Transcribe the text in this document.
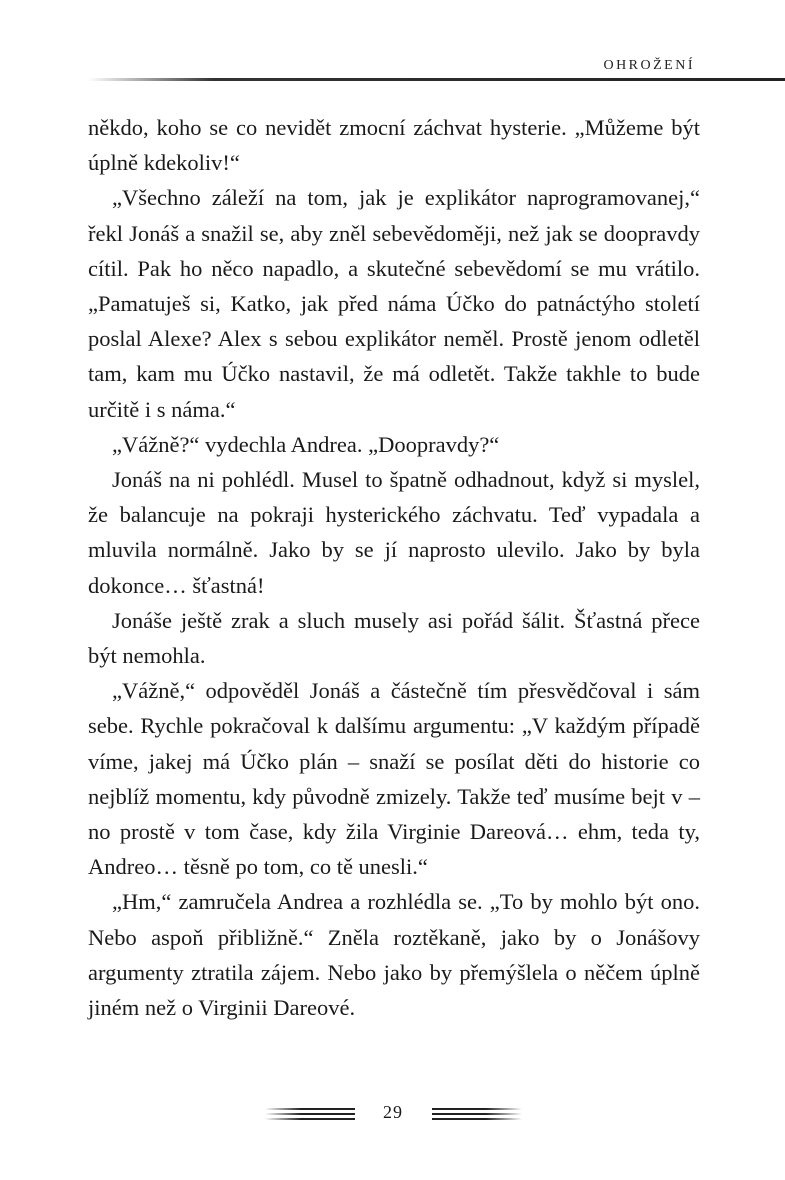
OHROŽENÍ

někdo, koho se co nevidět zmocní záchvat hysterie. „Můžeme být úplně kdekoliv!“

„Všechno záleží na tom, jak je explikátor naprogramovanej,“ řekl Jonáš a snažil se, aby zněl sebevědoměji, než jak se doopravdy cítil. Pak ho něco napadlo, a skutečné sebevědomí se mu vrátilo. „Pamatuješ si, Katko, jak před náma Účko do patnáctýho století poslal Alexe? Alex s sebou explikátor neměl. Prostě jenom odletěl tam, kam mu Účko nastavil, že má odletět. Takže takhle to bude určitě i s náma.“

„Vážně?“ vydechla Andrea. „Doopravdy?“

Jonáš na ni pohlédl. Musel to špatně odhadnout, když si myslel, že balancuje na pokraji hysterického záchvatu. Teď vypadala a mluvila normálně. Jako by se jí naprosto ulevilo. Jako by byla dokonce… šťastná!

Jonáše ještě zrak a sluch musely asi pořád šálit. Šťastná přece být nemohla.

„Vážně,“ odpověděl Jonáš a částečně tím přesvědčoval i sám sebe. Rychle pokračoval k dalšímu argumentu: „V každým případě víme, jakej má Účko plán – snaží se posílat děti do historie co nejblíž momentu, kdy původně zmizely. Takže teď musíme bejt v – no prostě v tom čase, kdy žila Virginie Dareová… ehm, teda ty, Andreo… těsně po tom, co tě unesli.“

„Hm,“ zamručela Andrea a rozhlédla se. „To by mohlo být ono. Nebo aspoň přibližně.“ Zněla roztěkaně, jako by o Jonášovy argumenty ztratila zájem. Nebo jako by přemýšlela o něčem úplně jiném než o Virginii Dareové.

29
